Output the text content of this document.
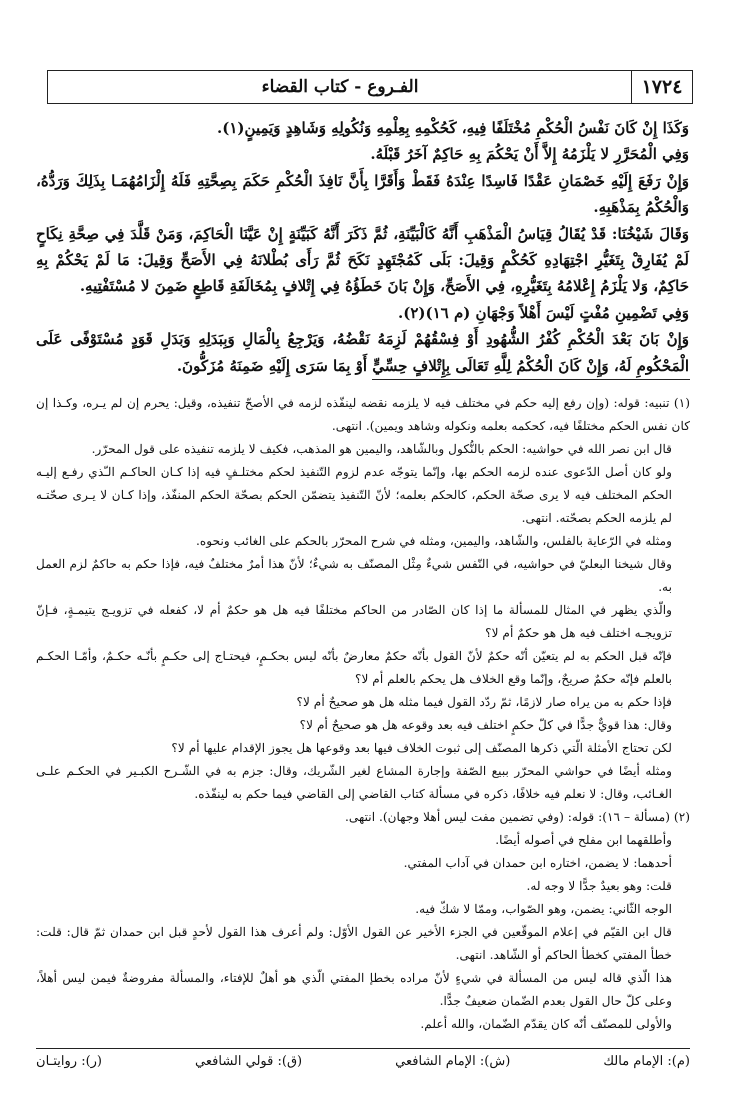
١٧٢٤
الفـروع - كتاب القضاء

وَكَذَا إِنْ كَانَ نَفْسُ الْحُكْمِ مُخْتَلَفًا فِيهِ، كَحُكْمِهِ بِعِلْمِهِ وَنُكُولِهِ وَشَاهِدٍ وَيَمِينٍ(١).

وَفِي الْمُحَرَّرِ لا يَلْزَمُهُ إِلاَّ أَنْ يَحْكُمَ بِهِ حَاكِمٌ آخَرُ قَبْلَهُ.

وَإِنْ رَفَعَ إِلَيْهِ خَصْمَانِ عَقْدًا فَاسِدًا عِنْدَهُ فَقَطْ وَأَقَرَّا بِأَنَّ نَافِذَ الْحُكْمِ حَكَمَ بِصِحَّتِهِ فَلَهُ إِلْزَامُهُمَـا بِذَلِكَ وَرَدُّهُ، وَالْحُكْمُ بِمَذْهَبِهِ.

وَقَالَ شَيْخُنَا: قَدْ يُقَالُ قِيَاسُ الْمَذْهَبِ أَنَّهُ كَالْبَيِّنَةِ، ثُمَّ ذَكَرَ أَنَّهُ كَبَيِّنَةٍ إِنْ عَيَّنَا الْحَاكِمَ، وَمَنْ قَلَّدَ فِي صِحَّةِ نِكَاحٍ لَمْ يُفَارِقْ بِتَغَيُّرِ اجْتِهَادِهِ كَحُكْمٍ وَقِيلَ: بَلَى كَمُجْتَهِدٍ نَكَحَ ثُمَّ رَأَى بُطْلانَهُ فِي الأَصَحِّ وَقِيلَ: مَا لَمْ يَحْكُمْ بِهِ حَاكِمٌ، وَلا يَلْزَمُ إِعْلامُهُ بِتَغَيُّرِهِ، فِي الأَصَحِّ، وَإِنْ بَانَ خَطَؤُهُ فِي إِتْلافٍ بِمُخَالَفَةِ قَاطِعٍ ضَمِنَ لا مُسْتَفْتِيهِ.

وَفِي تَضْمِينِ مُفْتٍ لَيْسَ أَهْلاً وَجْهَانِ (م ١٦)(٢).

وَإِنْ بَانَ بَعْدَ الْحُكْمِ كُفْرُ الشُّهُودِ أَوْ فِسْقُهُمْ لَزِمَهُ نَقْضُهُ، وَيَرْجِعُ بِالْمَالِ وَبِبَدَلِهِ وَبَدَلِ قَوَدٍ مُسْتَوْفًى عَلَى الْمَحْكُومِ لَهُ، وَإِنْ كَانَ الْحُكْمُ لِلَّهِ تَعَالَى بِإِتْلافٍ حِسِّيٍّ أَوْ بِمَا سَرَى إِلَيْهِ ضَمِنَهُ مُزَكُّونَ.

(١) تنبيه: قوله: (وإن رفع إليه حكم في مختلف فيه لا يلزمه نقضه لينفّذه لزمه في الأصحّ تنفيذه، وقيل: يحرم إن لم يـره، وكـذا إن كان نفس الحكم مختلفًا فيه، كحكمه بعلمه ونكوله وشاهد ويمين). انتهى.

قال ابن نصر الله في حواشيه: الحكم بالنُّكول وبالشّاهد، واليمين هو المذهب، فكيف لا يلزمه تنفيذه على قول المحرّر.

ولو كان أصل الدّعوى عنده لزمه الحكم بها، وإنّما يتوجّه عدم لزوم التّنفيذ لحكم مختلـفٍ فيه إذا كـان الحاكـم الـّذي رفـع إليـه الحكم المختلف فيه لا يرى صحّة الحكم، كالحكم بعلمه؛ لأنّ التّنفيذ يتضمّن الحكم بصحّة الحكم المنفّذ، وإذا كـان لا يـرى صحّتـه لم يلزمه الحكم بصحّته. انتهى.

ومثله في الرّعاية بالفلس، والشّاهد، واليمين، ومثله في شرح المحرّر بالحكم على الغائب ونحوه.

وقال شيخنا البعليّ في حواشيه، في النّفس شيءٌ مِثْل المصنّف به شيءٌ؛ لأنّ هذا أمرٌ مختلفٌ فيه، فإذا حكم به حاكمٌ لزم العمل به.

والّذي يظهر في المثال للمسألة ما إذا كان الصّادر من الحاكم مختلفًا فيه هل هو حكمٌ أم لا، كفعله في تزويـج يتيمـةٍ، فـإنّ تزويجـه اختلف فيه هل هو حكمٌ أم لا؟

فإنّه قبل الحكم به لم يتعيّن أنّه حكمٌ لأنّ القول بأنّه حكمٌ معارضٌ بأنّه ليس بحكـمٍ، فيحتـاج إلى حكـمٍ بأنّـه حكـمٌ، وأمّـا الحكـم بالعلم فإنّه حكمٌ صريحٌ، وإنّما وقع الخلاف هل يحكم بالعلم أم لا؟

فإذا حكم به من يراه صار لازمًا، ثمّ ردّد القول فيما مثله هل هو صحيحٌ أم لا؟

وقال: هذا قويٌّ جدًّا في كلّ حكمٍ اختلف فيه بعد وقوعه هل هو صحيحٌ أم لا؟

لكن تحتاج الأمثلة الّتي ذكرها المصنّف إلى ثبوت الخلاف فيها بعد وقوعها هل يجوز الإقدام عليها أم لا؟

ومثله أيضًا في حواشي المحرّر ببيع الصّفة وإجارة المشاع لغير الشّريك، وقال: جزم به في الشّـرح الكبـير في الحكـم علـى الغـائب، وقال: لا نعلم فيه خلافًا، ذكره في مسألة كتاب القاضي إلى القاضي فيما حكم به لينفّذه.

(٢) (مسألة – ١٦): قوله: (وفي تضمين مفت ليس أهلا وجهان). انتهى.

وأطلقهما ابن مفلح في أصوله أيضًا.

أحدهما: لا يضمن، اختاره ابن حمدان في آداب المفتي.

قلت: وهو بعيدٌ جدًّا لا وجه له.

الوجه الثّاني: يضمن، وهو الصّواب، وممّا لا شكّ فيه.

قال ابن القيّم في إعلام الموقّعين في الجزء الأخير عن القول الأوّل: ولم أعرف هذا القول لأحدٍ قبل ابن حمدان ثمّ قال: قلت: خطأ المفتي كخطأ الحاكم أو الشّاهد. انتهى.

هذا الّذي قاله ليس من المسألة في شيءٍ لأنّ مراده بخطإ المفتي الّذي هو أهلٌ للإفتاء، والمسألة مفروضةٌ فيمن ليس أهلاً، وعلى كلّ حال القول بعدم الضّمان ضعيفٌ جدًّا.

والأولى للمصنّف أنّه كان يقدّم الضّمان، والله أعلم.

(م): الإمام مالك
(ش): الإمام الشافعي
(ق): قولي الشافعي
(ر): روايتـان
